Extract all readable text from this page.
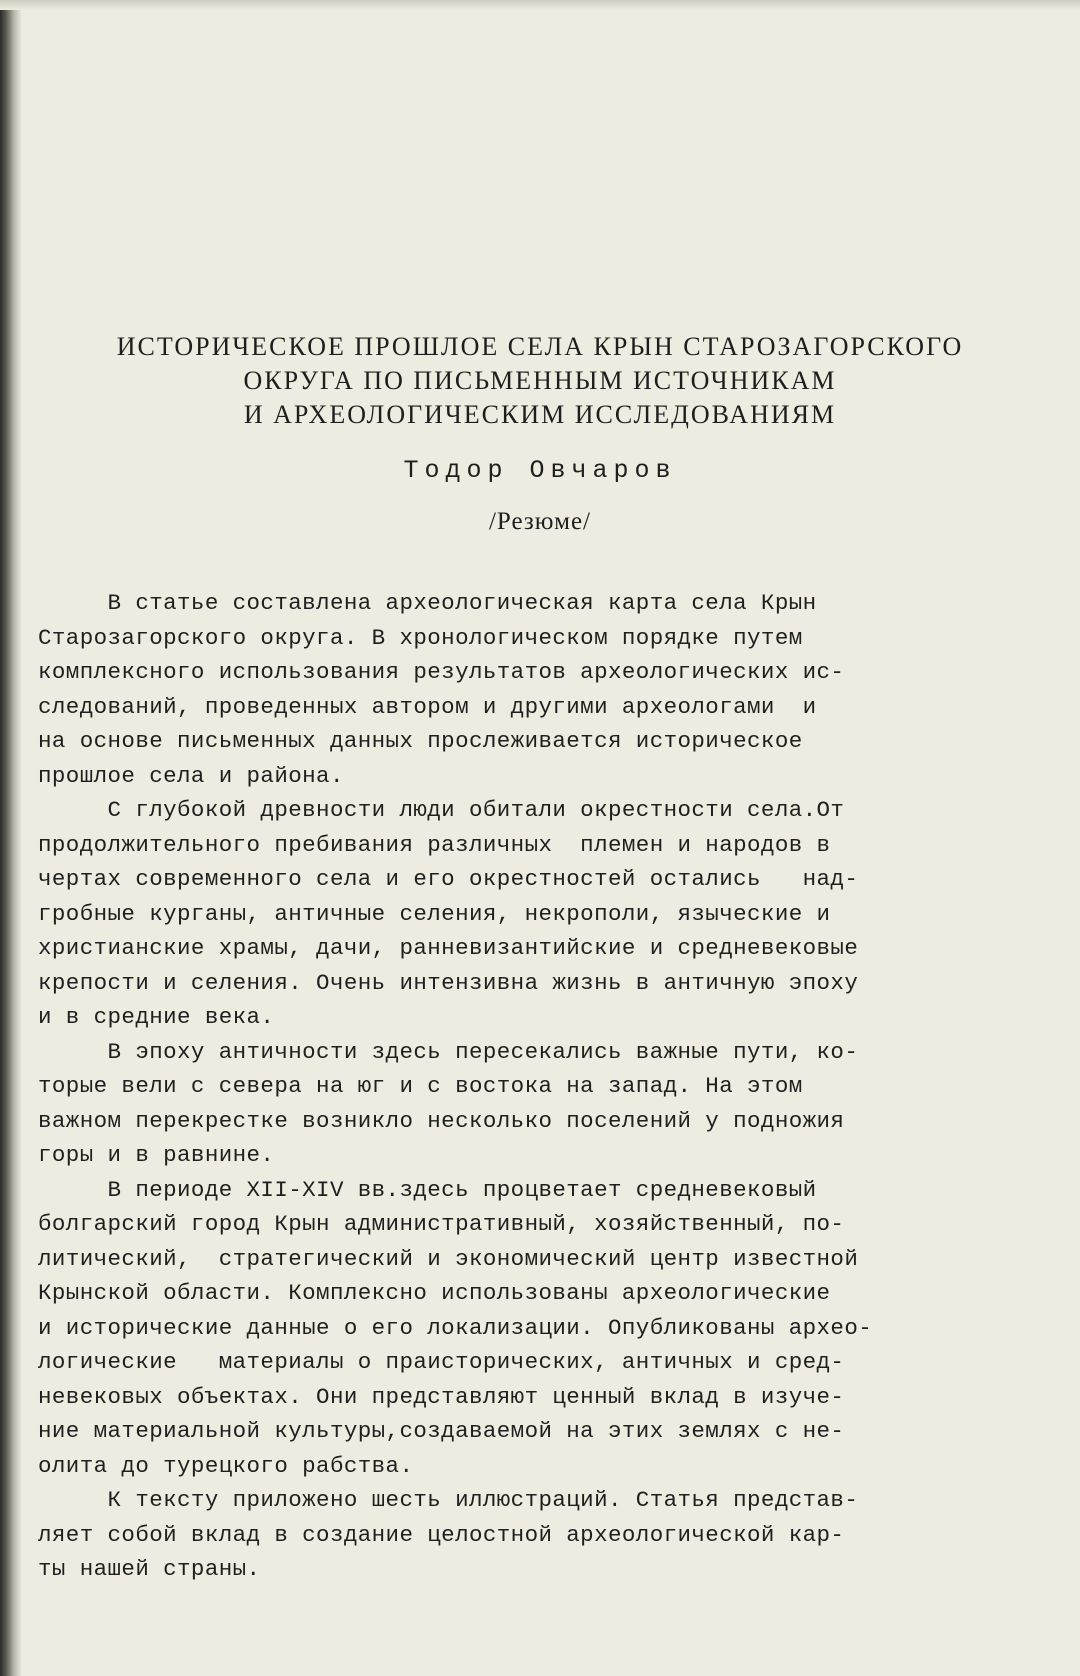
ИСТОРИЧЕСКОЕ ПРОШЛОЕ СЕЛА КРЫН СТАРОЗАГОРСКОГО
ОКРУГА ПО ПИСЬМЕННЫМ ИСТОЧНИКАМ
И АРХЕОЛОГИЧЕСКИМ ИССЛЕДОВАНИЯМ
Тодор Овчаров
/Резюме/
В статье составлена археологическая карта села Крын
Старозагорского округа. В хронологическом порядке путем
комплексного использования результатов археологических ис-
следований, проведенных автором и другими археологами  и
на основе письменных данных прослеживается историческое
прошлое села и района.
С глубокой древности люди обитали окрестности села.От
продолжительного пребивания различных  племен и народов в
чертах современного села и его окрестностей остались   над-
гробные курганы, античные селения, некрополи, языческие и
христианские храмы, дачи, ранневизантийские и средневековые
крепости и селения. Очень интензивна жизнь в античную эпоху
и в средние века.
В эпоху античности здесь пересекались важные пути, ко-
торые вели с севера на юг и с востока на запад. На этом
важном перекрестке возникло несколько поселений у подножия
горы и в равнине.
В периоде XII-XIV вв.здесь процветает средневековый
болгарский город Крын административный, хозяйственный, по-
литический,  стратегический и экономический центр известной
Крынской области. Комплексно использованы археологические
и исторические данные о его локализации. Опубликованы архео-
логические   материалы о праисторических, античных и сред-
невековых объектах. Они представляют ценный вклад в изуче-
ние материальной культуры,создаваемой на этих землях с не-
олита до турецкого рабства.
К тексту приложено шесть иллюстраций. Статья представ-
ляет собой вклад в создание целостной археологической кар-
ты нашей страны.
